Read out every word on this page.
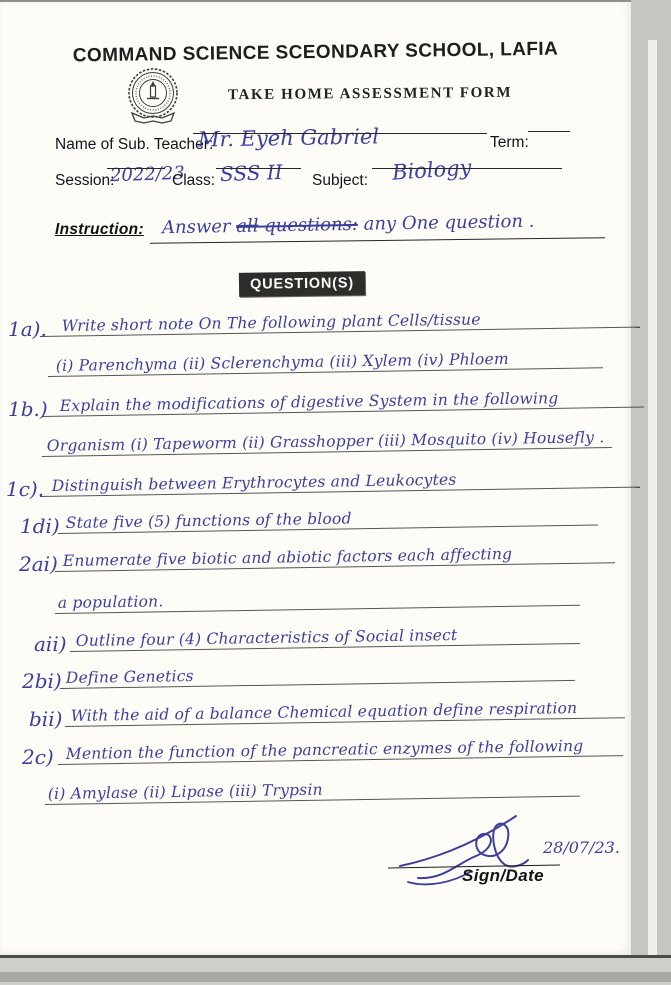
COMMAND SCIENCE SCEONDARY SCHOOL, LAFIA
TAKE HOME ASSESSMENT FORM
Name of Sub. Teacher:
Mr. Eyeh Gabriel	Term:
Session:
2022/23
Class: SSS II Subject: Biology
Instruction: Answer all questions: any One question .
QUESTION(S)
1a). Write short note On The following plant Cells/tissue
(i) Parenchyma (ii) Sclerenchyma (iii) Xylem (iv) Phloem
1b.) Explain the modifications of digestive System in the following
Organism (i) Tapeworm (ii) Grasshopper (iii) Mosquito (iv) Housefly .
1c). Distinguish between Erythrocytes and Leukocytes
1di) State five (5) functions of the blood
2ai) Enumerate five biotic and abiotic factors each affecting
a population.
aii) Outline four (4) Characteristics of Social insect
2bi) Define Genetics
bii) With the aid of a balance Chemical equation define respiration
2c) Mention the function of the pancreatic enzymes of the following
(i) Amylase (ii) Lipase (iii) Trypsin
28/07/23.
Sign/Date
